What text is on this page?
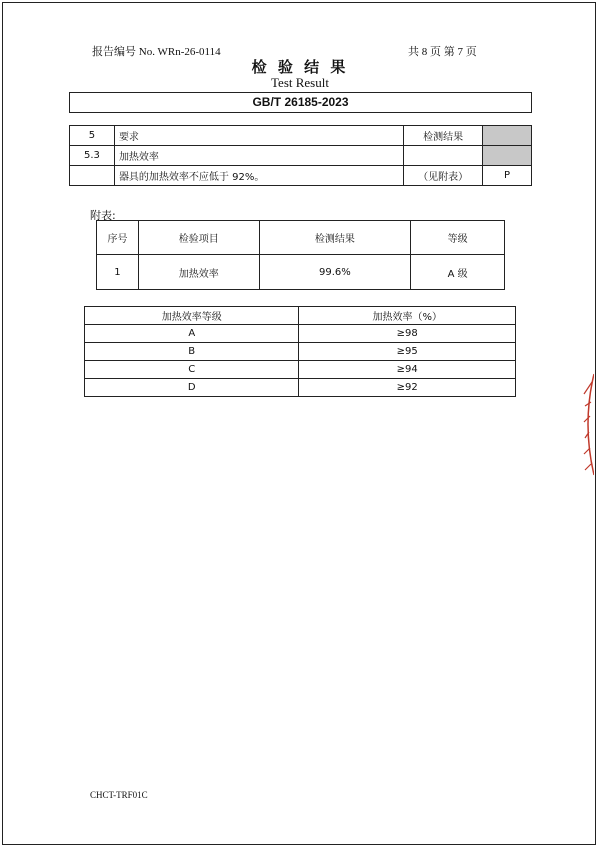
报告编号 No. WRn-26-0114	共 8 页 第 7 页
检 验 结 果
Test Result
GB/T 26185-2023
5	要求	检测结果	
5.3	加热效率		
	器具的加热效率不应低于 92%。	（见附表）	P
附表:
序号	检验项目	检测结果	等级
1	加热效率	99.6%	A 级
加热效率等级	加热效率（%）
A	≥98
B	≥95
C	≥94
D	≥92
CHCT-TRF01C
